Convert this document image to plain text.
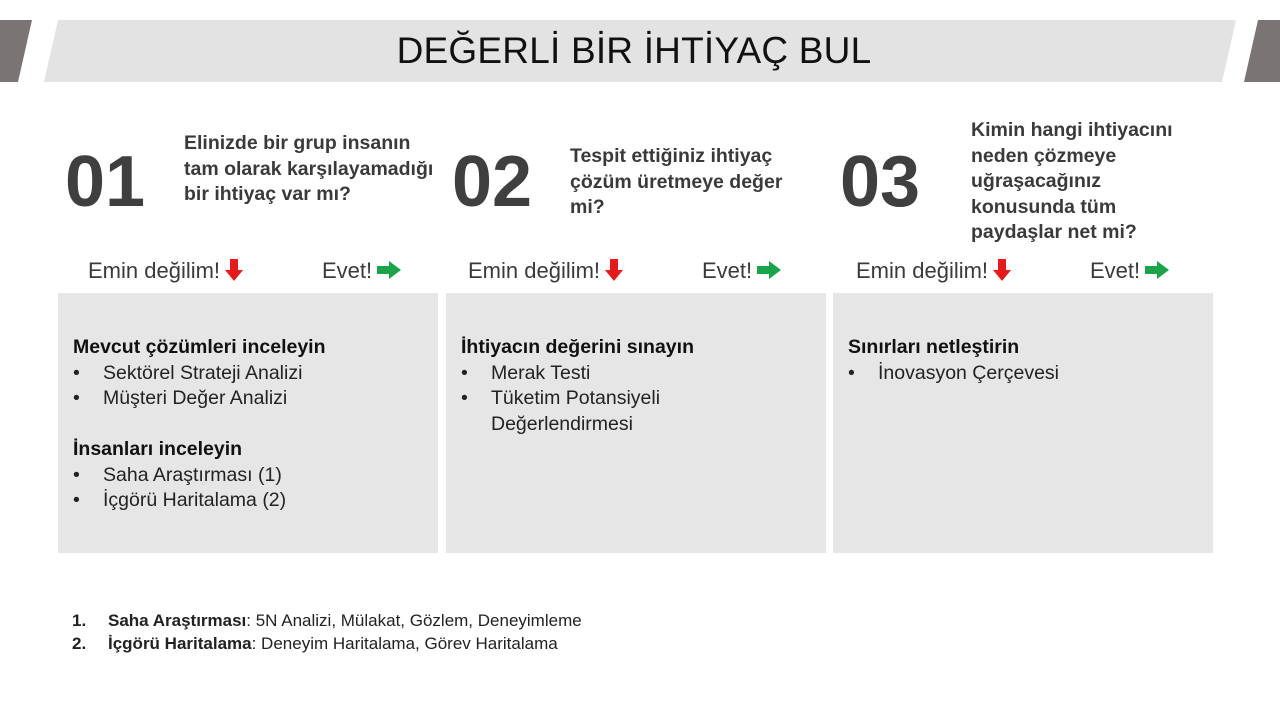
DEĞERLİ BİR İHTİYAÇ BUL
01 Elinizde bir grup insanın tam olarak karşılayamadığı bir ihtiyaç var mı?
Emin değilim!	Evet!
Mevcut çözümleri inceleyin
• Sektörel Strateji Analizi
• Müşteri Değer Analizi
İnsanları inceleyin
• Saha Araştırması (1)
• İçgörü Haritalama (2)
02 Tespit ettiğiniz ihtiyaç çözüm üretmeye değer mi?
Emin değilim!	Evet!
İhtiyacın değerini sınayın
• Merak Testi
• Tüketim Potansiyeli Değerlendirmesi
03
Kimin hangi ihtiyacını neden çözmeye uğraşacağınız konusunda tüm paydaşlar net mi?
Emin değilim!	Evet!
Sınırları netleştirin
• İnovasyon Çerçevesi
1.	Saha Araştırması : 5N Analizi, Mülakat, Gözlem, Deneyimleme
2.	İçgörü Haritalama : Deneyim Haritalama, Görev Haritalama
